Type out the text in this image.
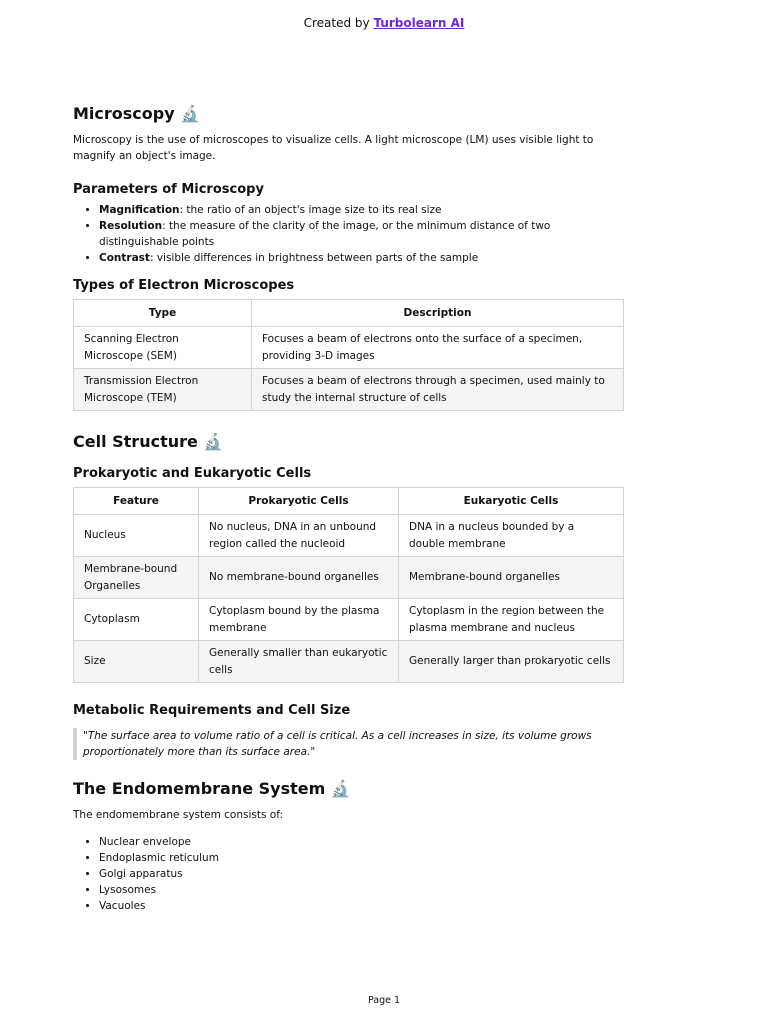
Created by Turbolearn AI
Microscopy 🔬

Microscopy is the use of microscopes to visualize cells. A light microscope (LM) uses visible light to magnify an object's image.

Parameters of Microscopy
• Magnification: the ratio of an object's image size to its real size
• Resolution: the measure of the clarity of the image, or the minimum distance of two distinguishable points
• Contrast: visible differences in brightness between parts of the sample
Types of Electron Microscopes
Type	Description
Scanning Electron Microscope (SEM)	Focuses a beam of electrons onto the surface of a specimen, providing 3-D images
Transmission Electron Microscope (TEM)	Focuses a beam of electrons through a specimen, used mainly to study the internal structure of cells
Cell Structure 🔬
Prokaryotic and Eukaryotic Cells
Feature	Prokaryotic Cells	Eukaryotic Cells
Nucleus	No nucleus, DNA in an unbound region called the nucleoid	DNA in a nucleus bounded by a double membrane
Membrane-bound Organelles	No membrane-bound organelles	Membrane-bound organelles
Cytoplasm	Cytoplasm bound by the plasma membrane	Cytoplasm in the region between the plasma membrane and nucleus
Size	Generally smaller than eukaryotic cells	Generally larger than prokaryotic cells
Metabolic Requirements and Cell Size
"The surface area to volume ratio of a cell is critical. As a cell increases in size, its volume grows proportionately more than its surface area."
The Endomembrane System 🔬

The endomembrane system consists of:

• Nuclear envelope
• Endoplasmic reticulum
• Golgi apparatus
• Lysosomes
• Vacuoles
Page 1
